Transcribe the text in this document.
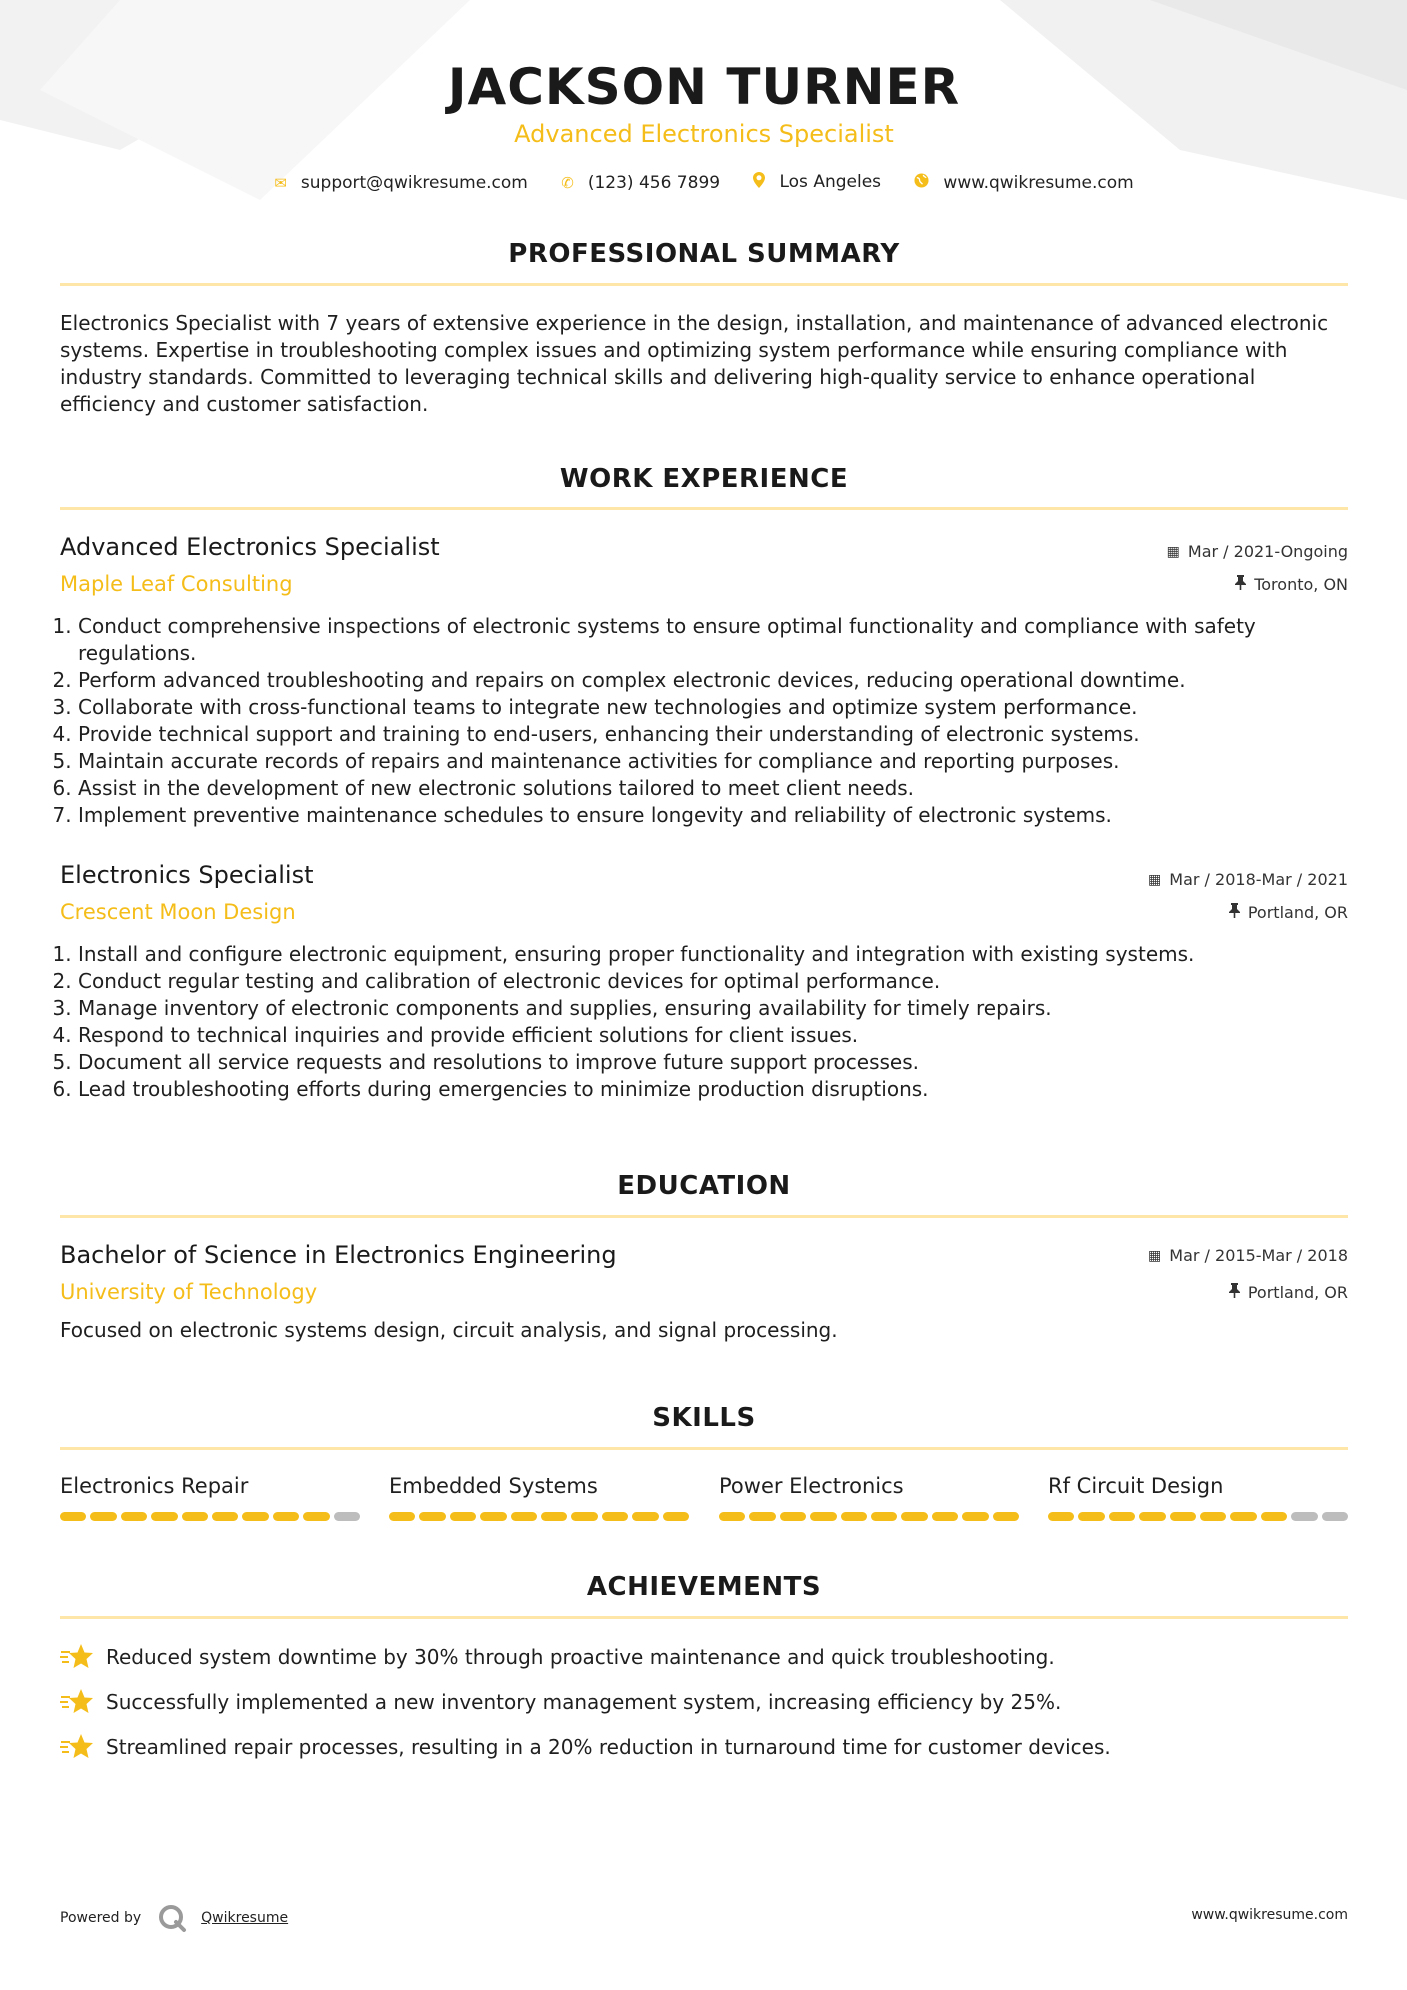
JACKSON TURNER
Advanced Electronics Specialist
✉ support@qwikresume.com
✆ (123) 456 7899
	Los Angeles
	www.qwikresume.com
PROFESSIONAL SUMMARY
Electronics Specialist with 7 years of extensive experience in the design, installation, and maintenance of advanced electronic systems. Expertise in troubleshooting complex issues and optimizing system performance while ensuring compliance with industry standards. Committed to leveraging technical skills and delivering high-quality service to enhance operational efficiency and customer satisfaction.
WORK EXPERIENCE
Advanced Electronics Specialist	▦ Mar / 2021-Ongoing
Maple Leaf Consulting	Toronto, ON
1. Conduct comprehensive inspections of electronic systems to ensure optimal functionality and compliance with safety regulations.
2. Perform advanced troubleshooting and repairs on complex electronic devices, reducing operational downtime.
3. Collaborate with cross-functional teams to integrate new technologies and optimize system performance.
4. Provide technical support and training to end-users, enhancing their understanding of electronic systems.
5. Maintain accurate records of repairs and maintenance activities for compliance and reporting purposes.
6. Assist in the development of new electronic solutions tailored to meet client needs.
7. Implement preventive maintenance schedules to ensure longevity and reliability of electronic systems.
Electronics Specialist	▦ Mar / 2018-Mar / 2021
Crescent Moon Design	Portland, OR
1. Install and configure electronic equipment, ensuring proper functionality and integration with existing systems.
2. Conduct regular testing and calibration of electronic devices for optimal performance.
3. Manage inventory of electronic components and supplies, ensuring availability for timely repairs.
4. Respond to technical inquiries and provide efficient solutions for client issues.
5. Document all service requests and resolutions to improve future support processes.
6. Lead troubleshooting efforts during emergencies to minimize production disruptions.
EDUCATION
Bachelor of Science in Electronics Engineering	▦ Mar / 2015-Mar / 2018
University of Technology	Portland, OR
Focused on electronic systems design, circuit analysis, and signal processing.
SKILLS
Electronics Repair	Embedded Systems	Power Electronics	Rf Circuit Design
ACHIEVEMENTS
Reduced system downtime by 30% through proactive maintenance and quick troubleshooting.
Successfully implemented a new inventory management system, increasing efficiency by 25%.
Streamlined repair processes, resulting in a 20% reduction in turnaround time for customer devices.
Powered by	Qwikresume	www.qwikresume.com
